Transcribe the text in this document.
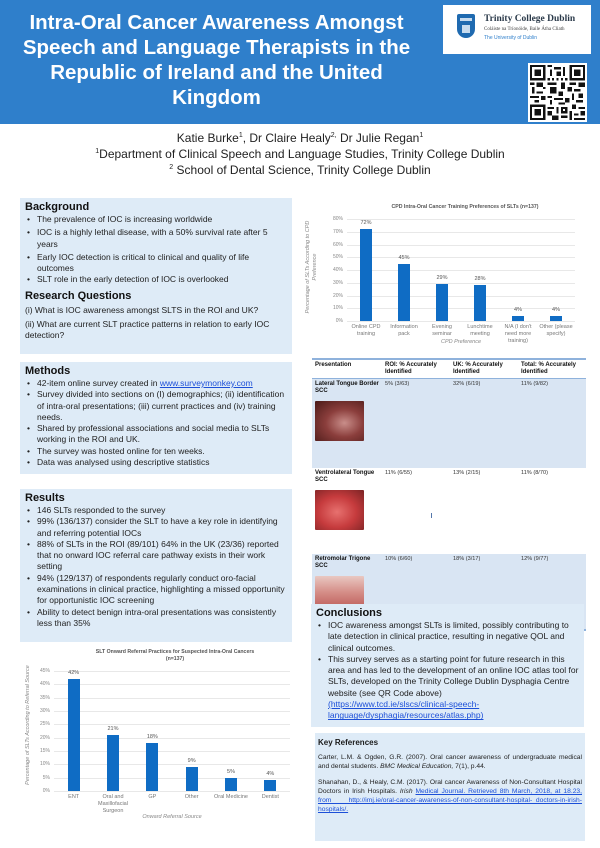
Intra-Oral Cancer Awareness Amongst Speech and Language Therapists in the Republic of Ireland and the United Kingdom
Trinity College Dublin
Coláiste na Tríonóide, Baile Átha Cliath
The University of Dublin
Katie Burke$^1$, Dr Claire Healy$^{2,}$ Dr Julie Regan$^1$
$^1$Department of Clinical Speech and Language Studies, Trinity College Dublin
$^2$ School of Dental Science, Trinity College Dublin
Background
• The prevalence of IOC is increasing worldwide
• IOC is a highly lethal disease, with a 50% survival rate after 5 years
• Early IOC detection is critical to clinical and quality of life outcomes
• SLT role in the early detection of IOC is overlooked
Research Questions

(i) What is IOC awareness amongst SLTS in the ROI and UK?

(ii) What are current SLT practice patterns in relation to early IOC detection?

Methods
• 42-item online survey created in www.surveymonkey.com
• Survey divided into sections on (I) demographics; (ii) identification of intra-oral presentations; (iii) current practices and (iv) training needs.
• Shared by professional associations and social media to SLTs working in the ROI and UK.
• The survey was hosted online for ten weeks.
• Data was analysed using descriptive statistics
Results
• 146 SLTs responded to the survey
• 99% (136/137) consider the SLT to have a key role in identifying and referring potential IOCs
• 88% of SLTs in the ROI (89/101) 64% in the UK (23/36) reported that no onward IOC referral care pathway exists in their work setting
• 94% (129/137) of respondents regularly conduct oro-facial examinations in clinical practice, highlighting a missed opportunity for opportunistic IOC screening
• Ability to detect benign intra-oral presentations was consistently less than 35%
CPD Intra-Oral Cancer Training Preferences of SLTs (n=137)
Percentage of SLTs According to CPD Preference
72%
45%
29%	28%
4%	4%
CPD Preference
80%
70%
60%
50%
40%
30%
20%
10%
0%
Online CPD
training
Information
pack
Evening
seminar
Lunchtime
meeting
N/A (I don't
need more
training)
Other (please
specify)
Presentation	ROI: % Accurately Identified	UK: % Accurately Identified	Total: % Accurately Identified

Lateral Tongue Border SCC	5% (3/63)	32% (6/19)	11% (9/82)

Ventrolateral Tongue SCC	11% (6/55)	13% (2/15)	11% (8/70)

Retromolar Trigone SCC	10% (6/60)	18% (3/17)	12% (9/77)
Conclusions
• IOC awareness amongst SLTs is limited, possibly contributing to late detection in clinical practice, resulting in negative QOL and clinical outcomes.
• This survey serves as a starting point for future research in this area and has led to the development of an online IOC atlas tool for SLTs, developed on the Trinity College Dublin Dysphagia Centre website (see QR Code above)
(https://www.tcd.ie/slscs/clinical-speech-language/dysphagia/resources/atlas.php)
Key References

Carter, L.M. & Ogden, G.R. (2007). Oral cancer awareness of undergraduate medical and dental students. BMC Medical Education, 7(1), p.44.

Shanahan, D., & Healy, C.M. (2017). Oral cancer Awareness of Non-Consultant Hospital Doctors in Irish Hospitals. Irish Medical Journal. Retrieved 8th March, 2018, at 18.23, from http://imj.ie/oral-cancer-awareness-of-non-consultant-hospital-_doctors-in-irish-hospitals/.

SLT Onward Referral Practices for Suspected Intra-Oral Cancers
(n=137)
Percentage of SLTs According to Referral Source	42%
21%
18%
9%
5%	4%
Onward Referral Source
45%
40%
35%
30%
25%
20%
15%
10%
5%
0%
ENT	Oral and
Maxillofacial
Surgeon
GP	Other	Oral Medicine	Dentist
